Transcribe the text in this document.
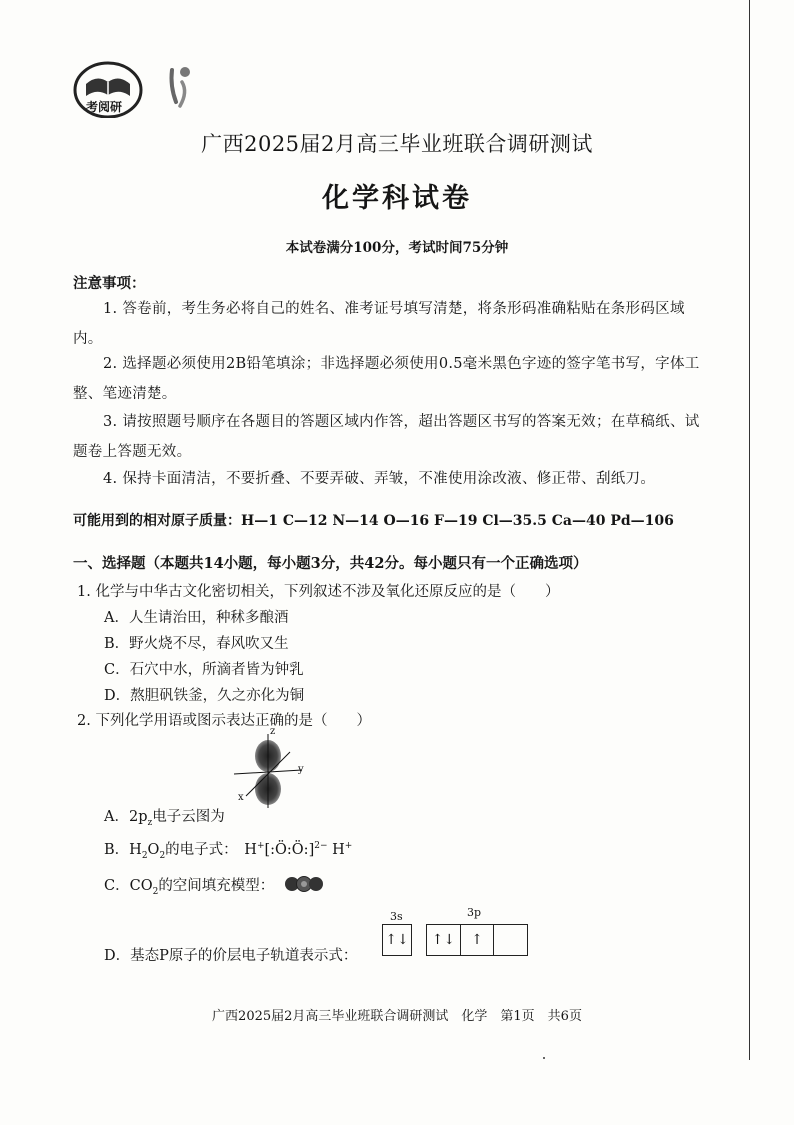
考阅研
广西2025届2月高三毕业班联合调研测试
化学科试卷
本试卷满分100分，考试时间75分钟
注意事项：
1. 答卷前，考生务必将自己的姓名、准考证号填写清楚，将条形码准确粘贴在条形码区域内。
2. 选择题必须使用2B铅笔填涂；非选择题必须使用0.5毫米黑色字迹的签字笔书写，字体工整、笔迹清楚。
3. 请按照题号顺序在各题目的答题区域内作答，超出答题区书写的答案无效；在草稿纸、试题卷上答题无效。
4. 保持卡面清洁，不要折叠、不要弄破、弄皱，不准使用涂改液、修正带、刮纸刀。
可能用到的相对原子质量：H—1 C—12 N—14 O—16 F—19 Cl—35.5 Ca—40 Pd—106
一、选择题（本题共14小题，每小题3分，共42分。每小题只有一个正确选项）
1. 化学与中华古文化密切相关，下列叙述不涉及氧化还原反应的是（　　）
A．人生请治田，种秫多酿酒
B．野火烧不尽，春风吹又生
C．石穴中水，所滴者皆为钟乳
D．熬胆矾铁釜，久之亦化为铜
2. 下列化学用语或图示表达正确的是（　　）
z
y
x
A．$2p_z$电子云图为
B．$H_2O_2$的电子式： H+[:Ö:Ö:]$^{2-}$ H+
C．$CO_2$的空间填充模型：
3s	3p
↑↓	↑↓	↑
D．基态P原子的价层电子轨道表示式：
广西2025届2月高三毕业班联合调研测试　化学　第1页　共6页
